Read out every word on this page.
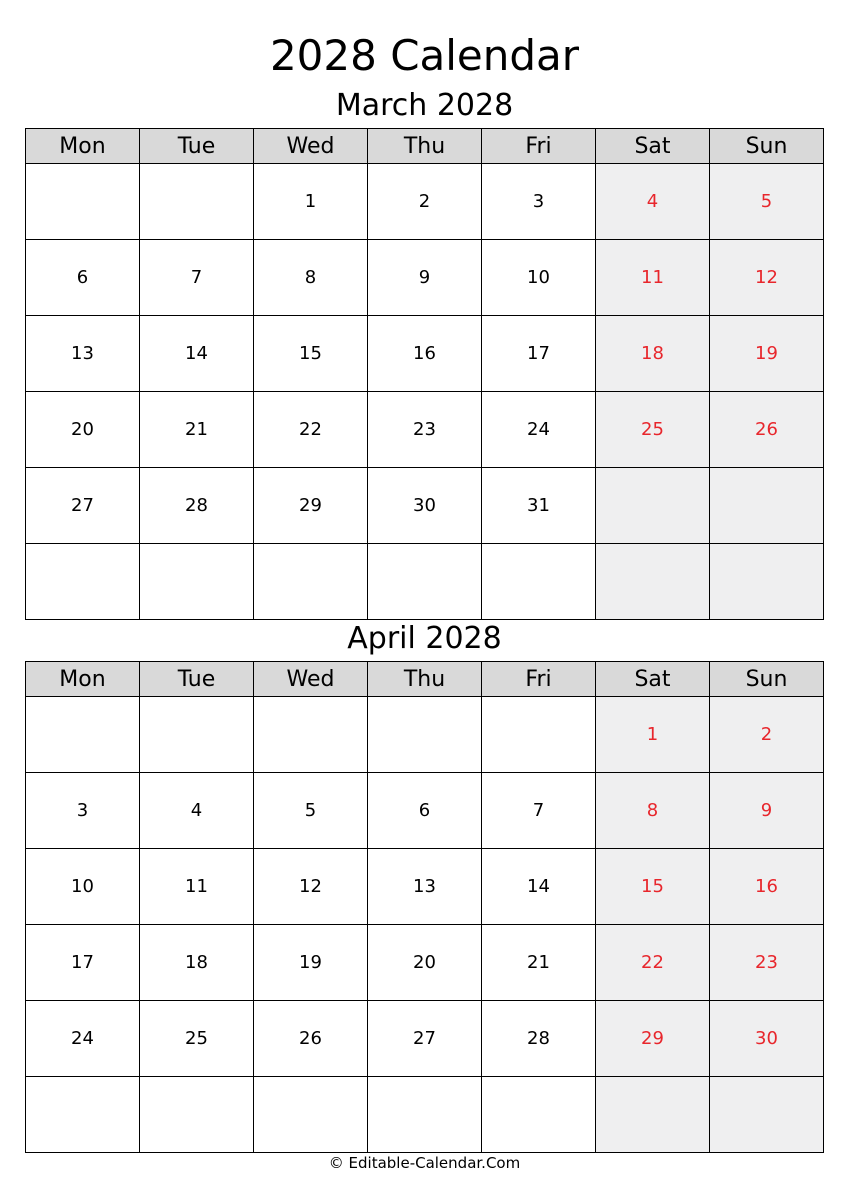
2028 Calendar
March 2028
Mon	Tue	Wed	Thu	Fri	Sat	Sun
		1	2	3	4	5
6	7	8	9	10	11	12
13	14	15	16	17	18	19
20	21	22	23	24	25	26
27	28	29	30	31		

April 2028
Mon	Tue	Wed	Thu	Fri	Sat	Sun
					1	2
3	4	5	6	7	8	9
10	11	12	13	14	15	16
17	18	19	20	21	22	23
24	25	26	27	28	29	30

© Editable-Calendar.Com
